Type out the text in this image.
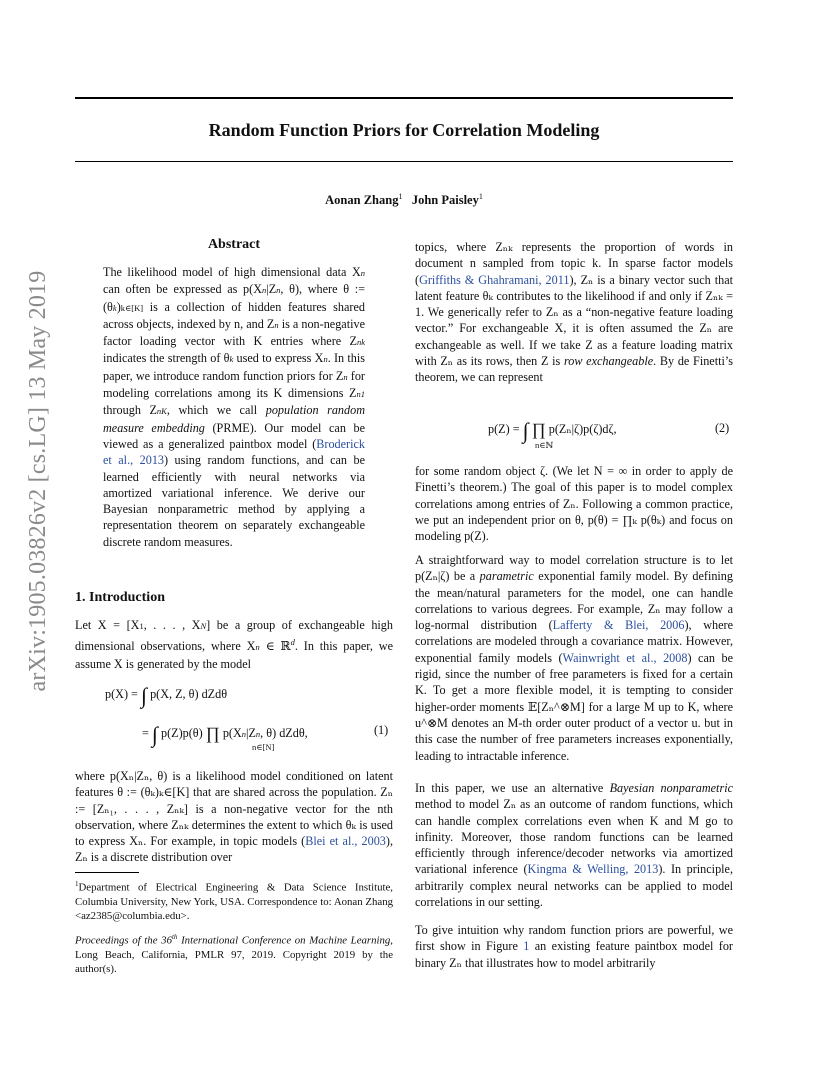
Random Function Priors for Correlation Modeling
Aonan Zhang$^1$ John Paisley$^1$
arXiv:1905.03826v2 [cs.LG] 13 May 2019
Abstract

The likelihood model of high dimensional data Xn can often be expressed as p(Xn|Zn, θ), where θ := (θk)k∈[K] is a collection of hidden features shared across objects, indexed by n, and Zn is a non-negative factor loading vector with K entries where Znk indicates the strength of θk used to express Xn. In this paper, we introduce random function priors for Zn for modeling correlations among its K dimensions Zn1 through ZnK, which we call population random measure embedding (PRME). Our model can be viewed as a generalized paintbox model (Broderick et al., 2013) using random functions, and can be learned efficiently with neural networks via amortized variational inference. We derive our Bayesian nonparametric method by applying a representation theorem on separately exchangeable discrete random measures.

1. Introduction

Let X = [X1, . . . , XN] be a group of exchangeable high dimensional observations, where Xn ∈ ℝ$^d$. In this paper, we assume X is generated by the model

p(X) = ∫ p(X, Z, θ) dZdθ
= ∫ p(Z)p(θ) ∏ p(Xn|Zn, θ) dZdθ,
n∈[N]
(1)

where p(Xₙ|Zₙ, θ) is a likelihood model conditioned on latent features θ := (θₖ)ₖ∈[K] that are shared across the population. Zₙ := [Zₙ₁, . . . , Zₙₖ] is a non-negative vector for the nth observation, where Zₙₖ determines the extent to which θₖ is used to express Xₙ. For example, in topic models (Blei et al., 2003), Zₙ is a discrete distribution over

$^1$Department of Electrical Engineering & Data Science Institute, Columbia University, New York, USA. Correspondence to: Aonan Zhang <az2385@columbia.edu>.
Proceedings of the 36th International Conference on Machine Learning, Long Beach, California, PMLR 97, 2019. Copyright 2019 by the author(s).

topics, where Zₙₖ represents the proportion of words in document n sampled from topic k. In sparse factor models (Griffiths & Ghahramani, 2011), Zₙ is a binary vector such that latent feature θₖ contributes to the likelihood if and only if Zₙₖ = 1. We generically refer to Zₙ as a “non-negative feature loading vector.” For exchangeable X, it is often assumed the Zₙ are exchangeable as well. If we take Z as a feature loading matrix with Zₙ as its rows, then Z is row exchangeable. By de Finetti’s theorem, we can represent

p(Z) = ∫ ∏ p(Zₙ|ζ)p(ζ)dζ,
n∈ℕ
(2)

for some random object ζ. (We let N = ∞ in order to apply de Finetti’s theorem.) The goal of this paper is to model complex correlations among entries of Zₙ. Following a common practice, we put an independent prior on θ, p(θ) = ∏ₖ p(θₖ) and focus on modeling p(Z).

A straightforward way to model correlation structure is to let p(Zₙ|ζ) be a parametric exponential family model. By defining the mean/natural parameters for the model, one can handle correlations to various degrees. For example, Zₙ may follow a log-normal distribution (Lafferty & Blei, 2006), where correlations are modeled through a covariance matrix. However, exponential family models (Wainwright et al., 2008) can be rigid, since the number of free parameters is fixed for a certain K. To get a more flexible model, it is tempting to consider higher-order moments 𝔼[Zₙ^⊗M] for a large M up to K, where u^⊗M denotes an M-th order outer product of a vector u. but in this case the number of free parameters increases exponentially, leading to intractable inference.

In this paper, we use an alternative Bayesian nonparametric method to model Zₙ as an outcome of random functions, which can handle complex correlations even when K and M go to infinity. Moreover, those random functions can be learned efficiently through inference/decoder networks via amortized variational inference (Kingma & Welling, 2013). In principle, arbitrarily complex neural networks can be applied to model correlations in our setting.

To give intuition why random function priors are powerful, we first show in Figure 1 an existing feature paintbox model for binary Zₙ that illustrates how to model arbitrarily
